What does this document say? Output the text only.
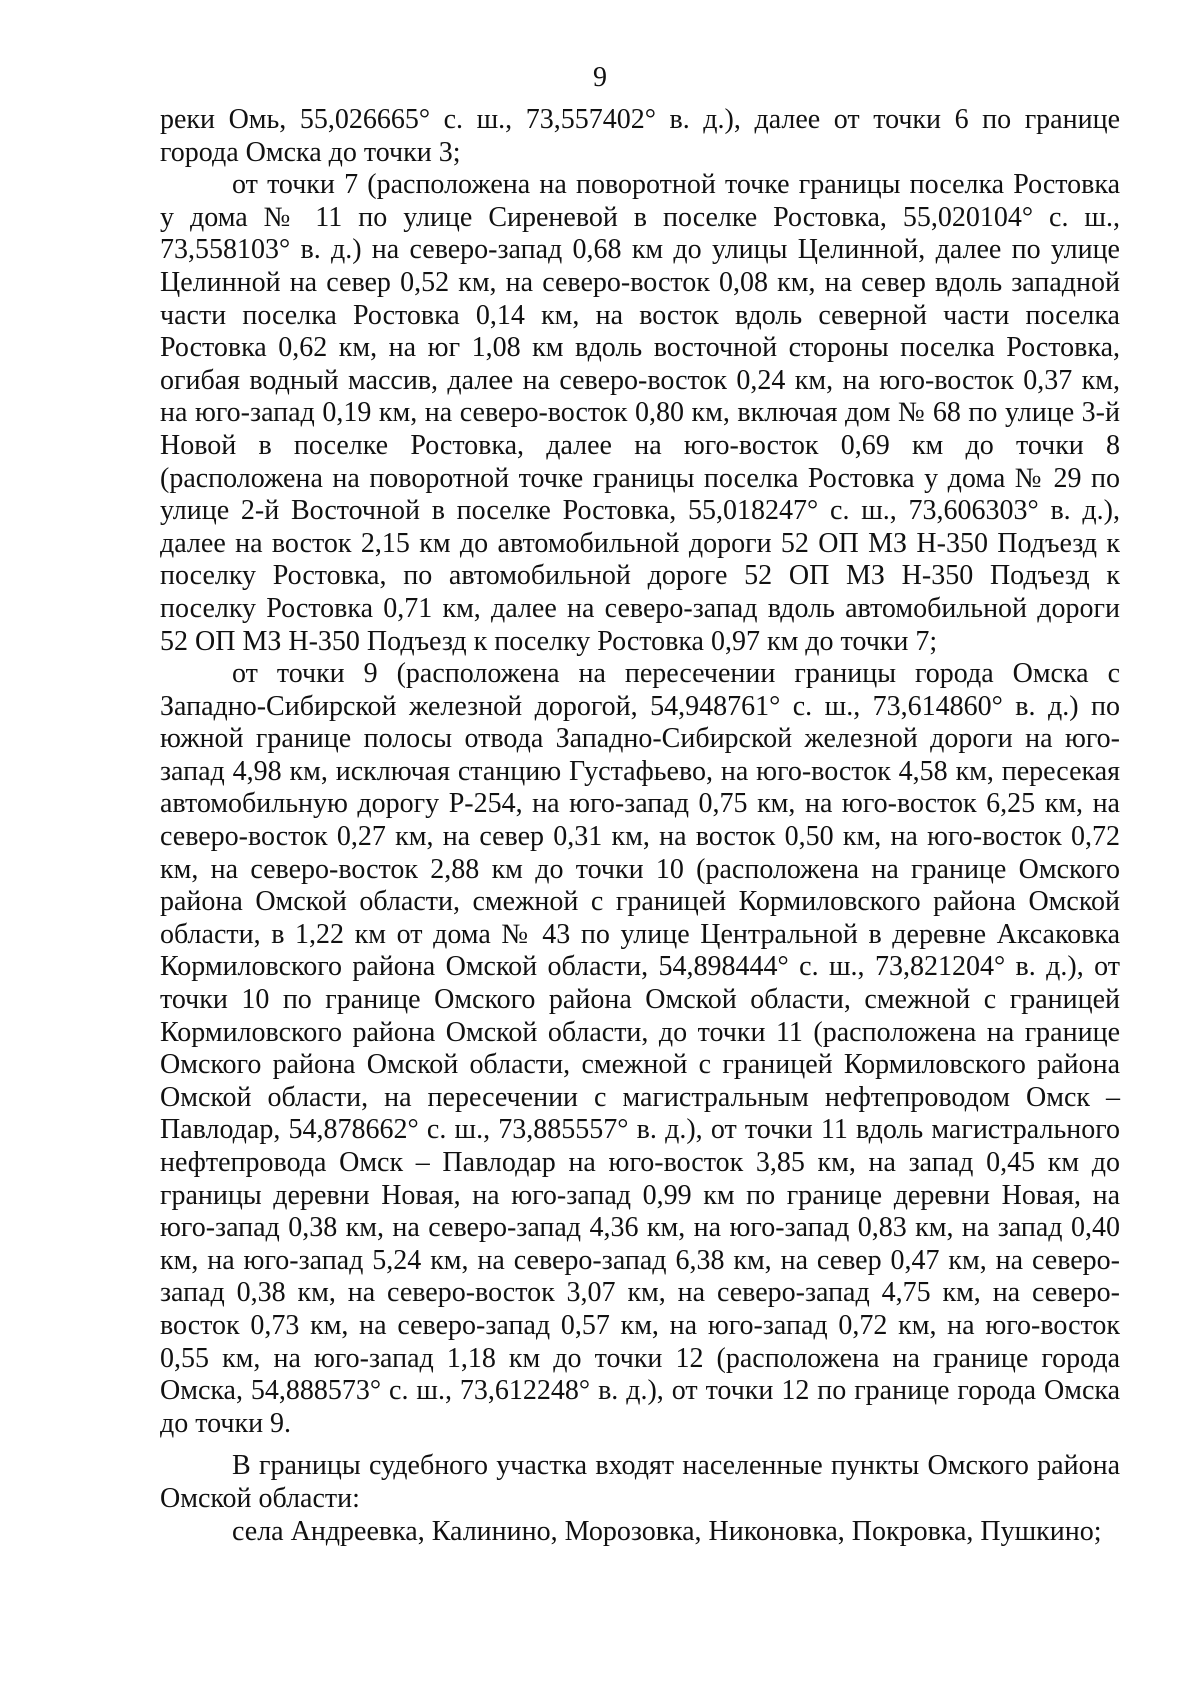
9

реки Омь, 55,026665° с. ш., 73,557402° в. д.), далее от точки 6 по границе города Омска до точки 3;

от точки 7 (расположена на поворотной точке границы поселка Ростовка у дома № 11 по улице Сиреневой в поселке Ростовка, 55,020104° с. ш., 73,558103° в. д.) на северо-запад 0,68 км до улицы Целинной, далее по улице Целинной на север 0,52 км, на северо-восток 0,08 км, на север вдоль западной части поселка Ростовка 0,14 км, на восток вдоль северной части поселка Ростовка 0,62 км, на юг 1,08 км вдоль восточной стороны поселка Ростовка, огибая водный массив, далее на северо-восток 0,24 км, на юго-восток 0,37 км, на юго-запад 0,19 км, на северо-восток 0,80 км, включая дом № 68 по улице 3-й Новой в поселке Ростовка, далее на юго-восток 0,69 км до точки 8 (расположена на поворотной точке границы поселка Ростовка у дома № 29 по улице 2-й Восточной в поселке Ростовка, 55,018247° с. ш., 73,606303° в. д.), далее на восток 2,15 км до автомобильной дороги 52 ОП МЗ Н-350 Подъезд к поселку Ростовка, по автомобильной дороге 52 ОП МЗ Н-350 Подъезд к поселку Ростовка 0,71 км, далее на северо-запад вдоль автомобильной дороги 52 ОП МЗ Н-350 Подъезд к поселку Ростовка 0,97 км до точки 7;

от точки 9 (расположена на пересечении границы города Омска с Западно-Сибирской железной дорогой, 54,948761° с. ш., 73,614860° в. д.) по южной границе полосы отвода Западно-Сибирской железной дороги на юго-запад 4,98 км, исключая станцию Густафьево, на юго-восток 4,58 км, пересекая автомобильную дорогу Р-254, на юго-запад 0,75 км, на юго-восток 6,25 км, на северо-восток 0,27 км, на север 0,31 км, на восток 0,50 км, на юго-восток 0,72 км, на северо-восток 2,88 км до точки 10 (расположена на границе Омского района Омской области, смежной с границей Кормиловского района Омской области, в 1,22 км от дома № 43 по улице Центральной в деревне Аксаковка Кормиловского района Омской области, 54,898444° с. ш., 73,821204° в. д.), от точки 10 по границе Омского района Омской области, смежной с границей Кормиловского района Омской области, до точки 11 (расположена на границе Омского района Омской области, смежной с границей Кормиловского района Омской области, на пересечении с магистральным нефтепроводом Омск – Павлодар, 54,878662° с. ш., 73,885557° в. д.), от точки 11 вдоль магистрального нефтепровода Омск – Павлодар на юго-восток 3,85 км, на запад 0,45 км до границы деревни Новая, на юго-запад 0,99 км по границе деревни Новая, на юго-запад 0,38 км, на северо-запад 4,36 км, на юго-запад 0,83 км, на запад 0,40 км, на юго-запад 5,24 км, на северо-запад 6,38 км, на север 0,47 км, на северо-запад 0,38 км, на северо-восток 3,07 км, на северо-запад 4,75 км, на северо-восток 0,73 км, на северо-запад 0,57 км, на юго-запад 0,72 км, на юго-восток 0,55 км, на юго-запад 1,18 км до точки 12 (расположена на границе города Омска, 54,888573° с. ш., 73,612248° в. д.), от точки 12 по границе города Омска до точки 9.

В границы судебного участка входят населенные пункты Омского района Омской области:

села Андреевка, Калинино, Морозовка, Никоновка, Покровка, Пушкино;
